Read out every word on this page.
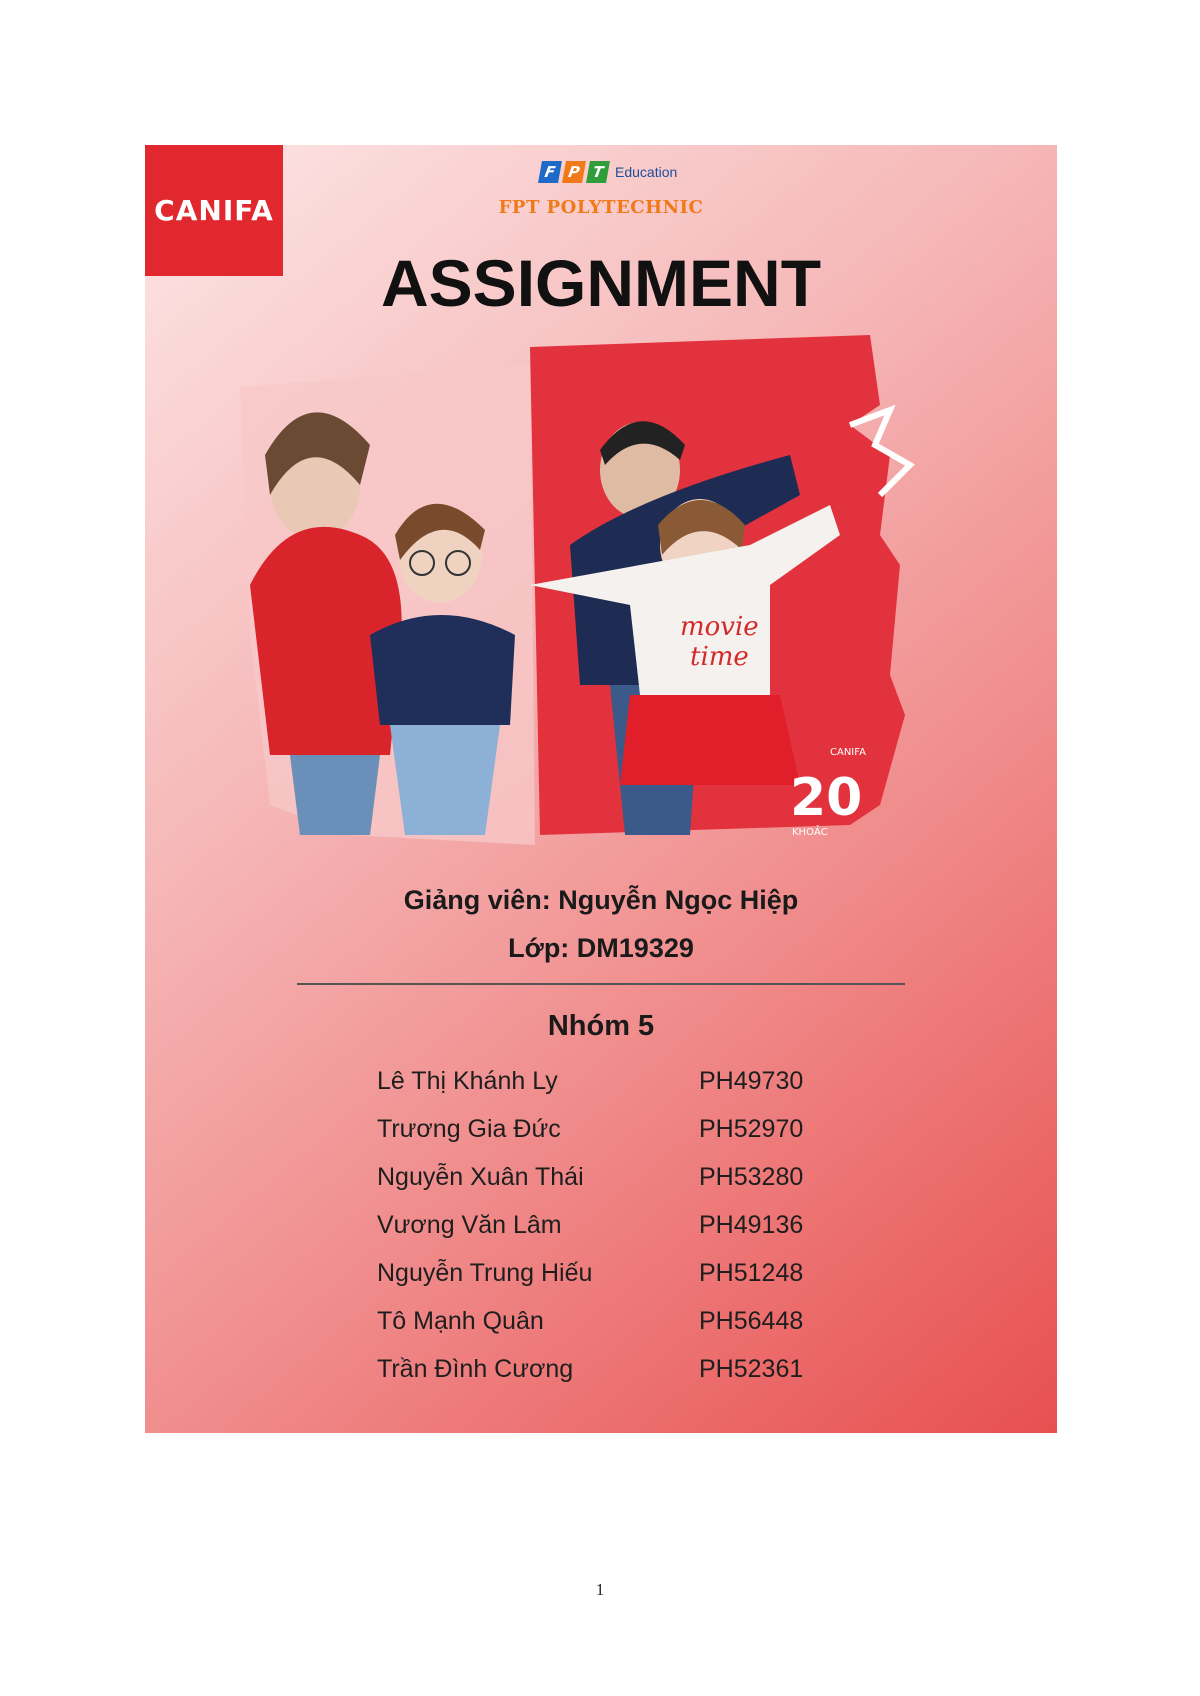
CANIFA
F P T Education
FPT POLYTECHNIC
ASSIGNMENT
movie
time
CANIFA
20
KHOẢC
Giảng viên: Nguyễn Ngọc Hiệp
Lớp: DM19329
Nhóm 5
Lê Thị Khánh Ly	PH49730
Trương Gia Đức	PH52970
Nguyễn Xuân Thái	PH53280
Vương Văn Lâm	PH49136
Nguyễn Trung Hiếu	PH51248
Tô Mạnh Quân	PH56448
Trần Đình Cương	PH52361
1
